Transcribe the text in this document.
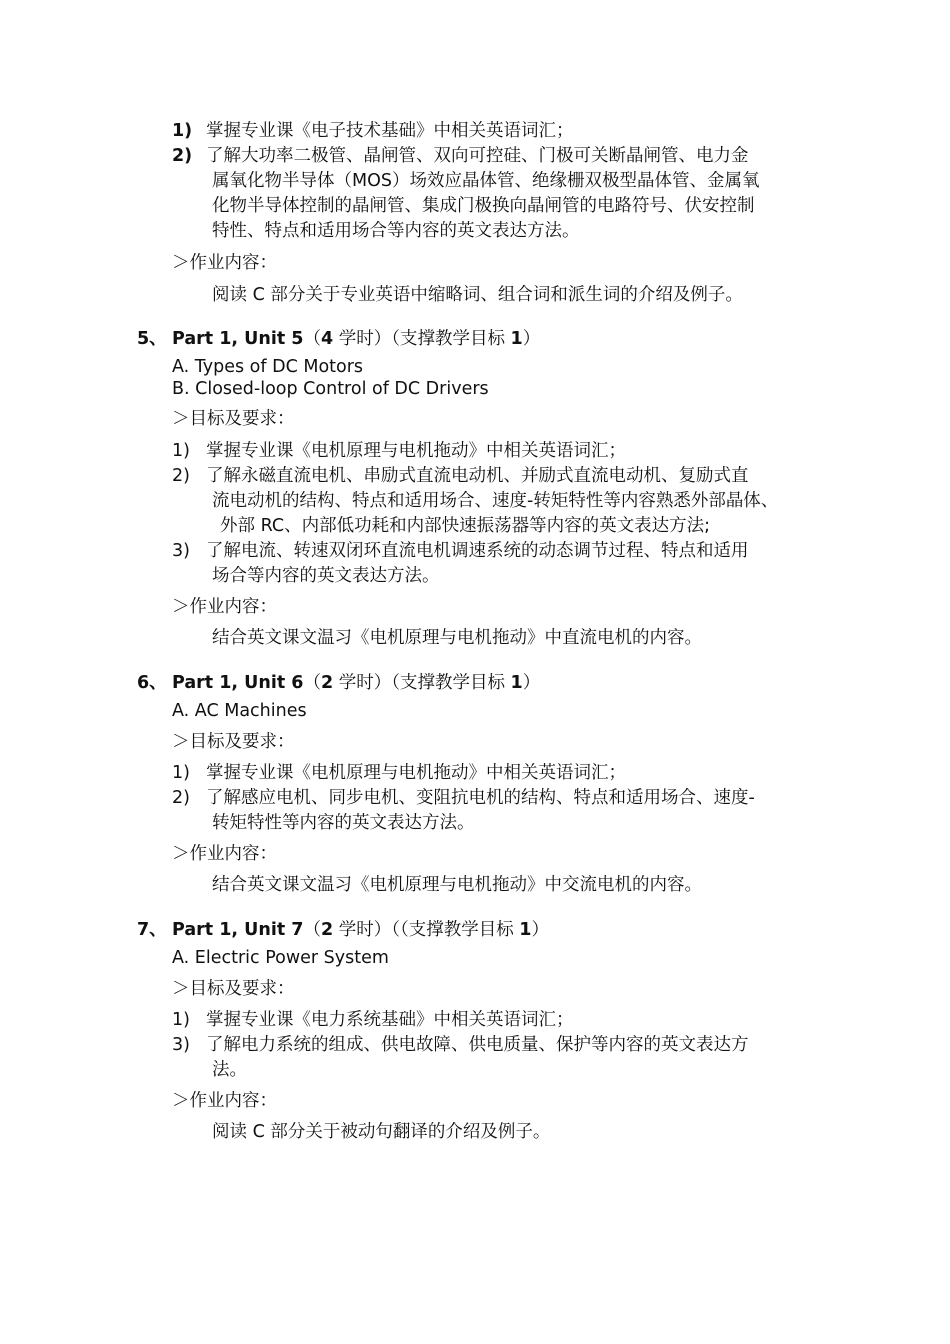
1) 掌握专业课《电子技术基础》中相关英语词汇；
2) 了解大功率二极管、晶闸管、双向可控硅、门极可关断晶闸管、电力金
属氧化物半导体（MOS）场效应晶体管、绝缘栅双极型晶体管、金属氧
化物半导体控制的晶闸管、集成门极换向晶闸管的电路符号、伏安控制
特性、特点和适用场合等内容的英文表达方法。
＞作业内容：
阅读 C 部分关于专业英语中缩略词、组合词和派生词的介绍及例子。
5、 Part 1, Unit 5（4 学时）（支撑教学目标 1）
A. Types of DC Motors
B. Closed-loop Control of DC Drivers
＞目标及要求：
1) 掌握专业课《电机原理与电机拖动》中相关英语词汇；
2) 了解永磁直流电机、串励式直流电动机、并励式直流电动机、复励式直
流电动机的结构、特点和适用场合、速度-转矩特性等内容熟悉外部晶体、
外部 RC、内部低功耗和内部快速振荡器等内容的英文表达方法;
3) 了解电流、转速双闭环直流电机调速系统的动态调节过程、特点和适用
场合等内容的英文表达方法。
＞作业内容：
结合英文课文温习《电机原理与电机拖动》中直流电机的内容。
6、 Part 1, Unit 6（2 学时）（支撑教学目标 1）
A. AC Machines
＞目标及要求：
1) 掌握专业课《电机原理与电机拖动》中相关英语词汇；
2) 了解感应电机、同步电机、变阻抗电机的结构、特点和适用场合、速度-
转矩特性等内容的英文表达方法。
＞作业内容：
结合英文课文温习《电机原理与电机拖动》中交流电机的内容。
7、 Part 1, Unit 7（2 学时）（（支撑教学目标 1）
A. Electric Power System
＞目标及要求：
1) 掌握专业课《电力系统基础》中相关英语词汇；
3) 了解电力系统的组成、供电故障、供电质量、保护等内容的英文表达方
法。
＞作业内容：
阅读 C 部分关于被动句翻译的介绍及例子。
